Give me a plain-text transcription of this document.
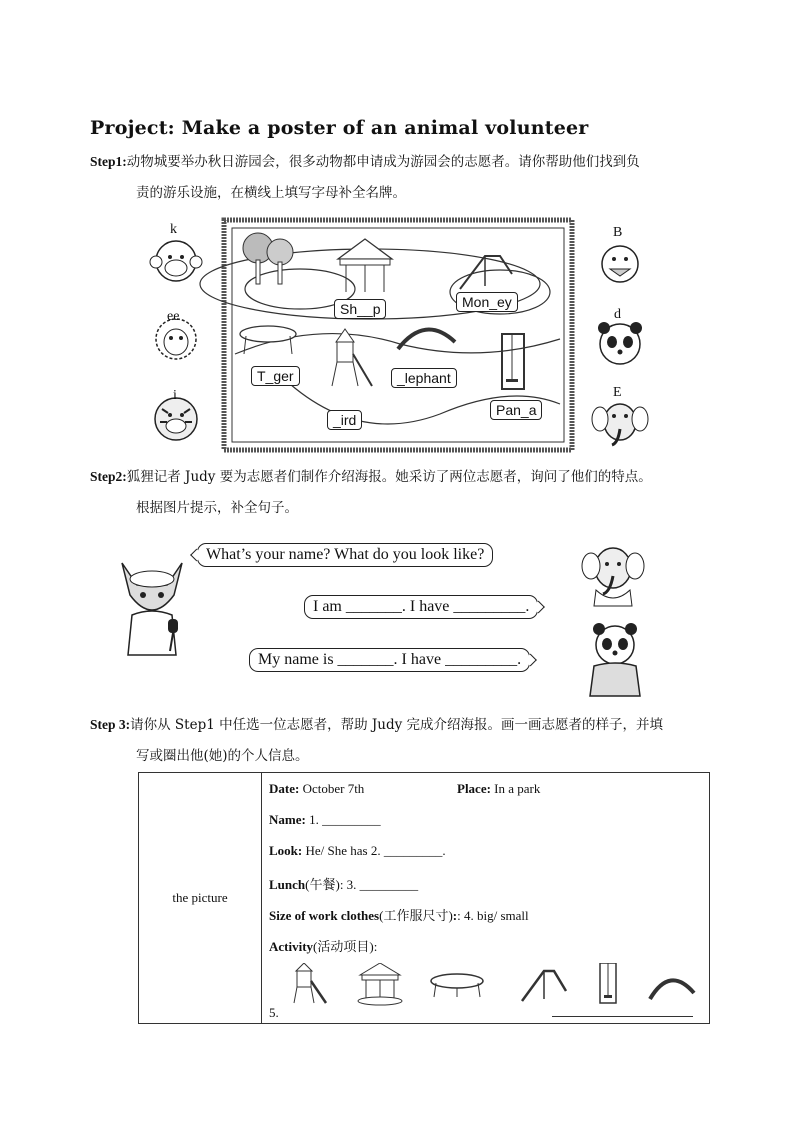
Project: Make a poster of an animal volunteer
Step1:动物城要举办秋日游园会，很多动物都申请成为游园会的志愿者。请你帮助他们找到负
责的游乐设施，在横线上填写字母补全名牌。
k
ee
i
B
d
E
Sh__p	Mon_ey
T_ger	_lephant
_ird
Pan_a
Step2:狐狸记者 Judy 要为志愿者们制作介绍海报。她采访了两位志愿者，询问了他们的特点。
根据图片提示，补全句子。
What’s your name? What do you look like?
I am _______. I have _________.
My name is _______. I have _________.
Step 3:请你从 Step1 中任选一位志愿者，帮助 Judy 完成介绍海报。画一画志愿者的样子，并填
写或圈出他(她)的个人信息。
the picture	
Date: October 7th	Place: In a park
Name: 1. _________
Look: He/ She has 2. _________.
Lunch(午餐): 3. _________
Size of work clothes(工作服尺寸):: 4. big/ small
Activity(活动项目):
5.
